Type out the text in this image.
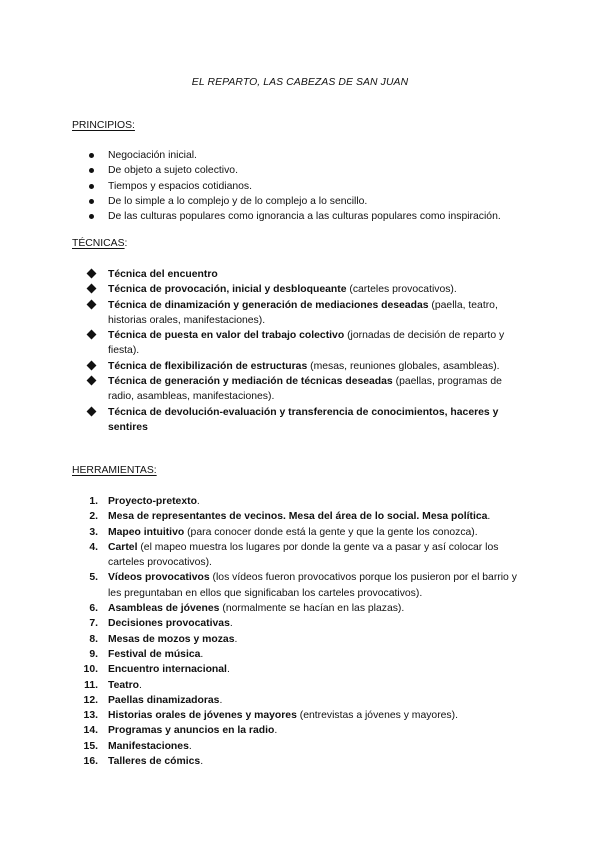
EL REPARTO, LAS CABEZAS DE SAN JUAN
PRINCIPIOS:
Negociación inicial.
De objeto a sujeto colectivo.
Tiempos y espacios cotidianos.
De lo simple a lo complejo y de lo complejo a lo sencillo.
De las culturas populares como ignorancia a las culturas populares como inspiración.
TÉCNICAS:
Técnica del encuentro
Técnica de provocación, inicial y desbloqueante (carteles provocativos).
Técnica de dinamización y generación de mediaciones deseadas (paella, teatro, historias orales, manifestaciones).
Técnica de puesta en valor del trabajo colectivo (jornadas de decisión de reparto y fiesta).
Técnica de flexibilización de estructuras (mesas, reuniones globales, asambleas).
Técnica de generación y mediación de técnicas deseadas (paellas, programas de radio, asambleas, manifestaciones).
Técnica de devolución-evaluación y transferencia de conocimientos, haceres y sentires
HERRAMIENTAS:
1. Proyecto-pretexto.
2. Mesa de representantes de vecinos. Mesa del área de lo social. Mesa política.
3. Mapeo intuitivo (para conocer donde está la gente y que la gente los conozca).
4. Cartel (el mapeo muestra los lugares por donde la gente va a pasar y así colocar los carteles provocativos).
5. Vídeos provocativos (los vídeos fueron provocativos porque los pusieron por el barrio y les preguntaban en ellos que significaban los carteles provocativos).
6. Asambleas de jóvenes (normalmente se hacían en las plazas).
7. Decisiones provocativas.
8. Mesas de mozos y mozas.
9. Festival de música.
10. Encuentro internacional.
11. Teatro.
12. Paellas dinamizadoras.
13. Historias orales de jóvenes y mayores (entrevistas a jóvenes y mayores).
14. Programas y anuncios en la radio.
15. Manifestaciones.
16. Talleres de cómics.
